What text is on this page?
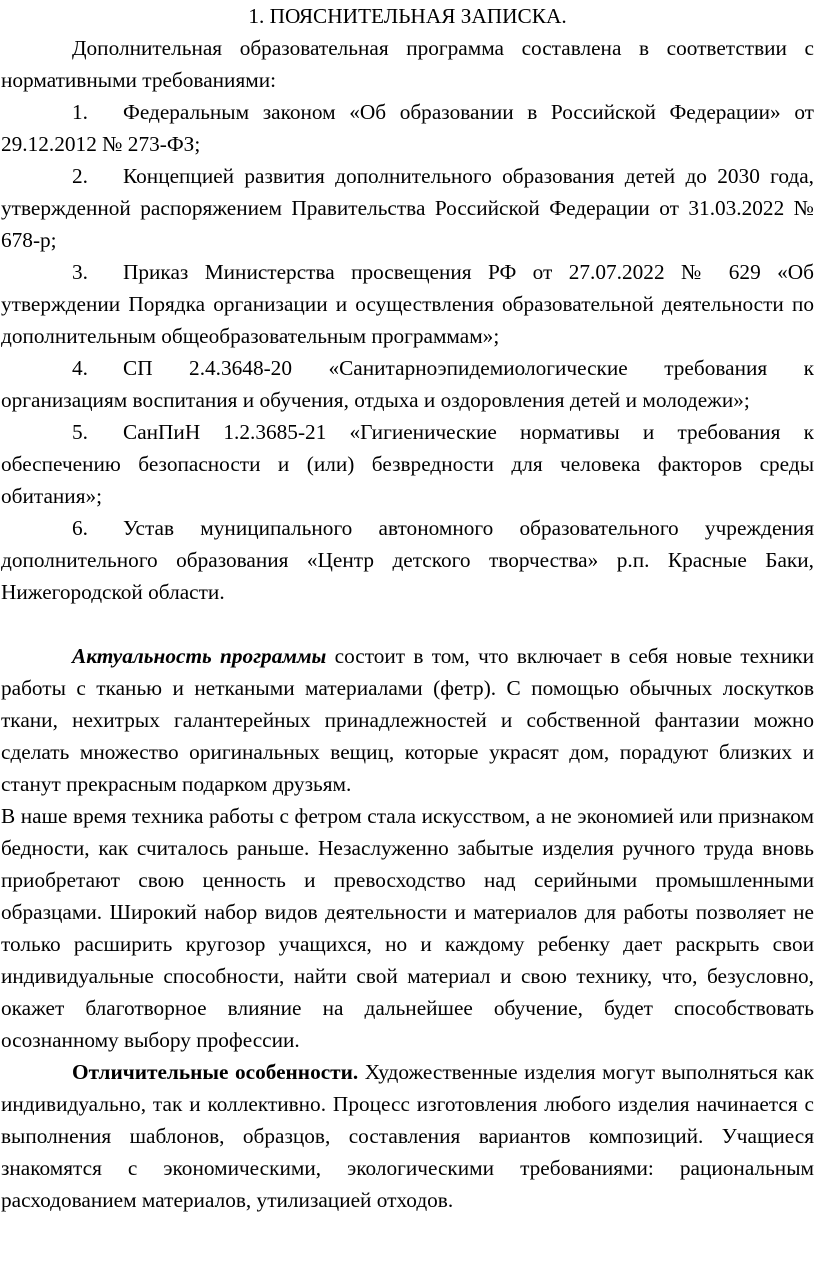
1. ПОЯСНИТЕЛЬНАЯ ЗАПИСКА.

Дополнительная образовательная программа составлена в соответствии с нормативными требованиями:

1. Федеральным законом «Об образовании в Российской Федерации» от 29.12.2012 № 273-ФЗ;

2. Концепцией развития дополнительного образования детей до 2030 года, утвержденной распоряжением Правительства Российской Федерации от 31.03.2022 № 678-р;

3. Приказ Министерства просвещения РФ от 27.07.2022 № 629 «Об утверждении Порядка организации и осуществления образовательной деятельности по дополнительным общеобразовательным программам»;

4. СП 2.4.3648-20 «Санитарноэпидемиологические требования к организациям воспитания и обучения, отдыха и оздоровления детей и молодежи»;

5. СанПиН 1.2.3685-21 «Гигиенические нормативы и требования к обеспечению безопасности и (или) безвредности для человека факторов среды обитания»;

6. Устав муниципального автономного образовательного учреждения дополнительного образования «Центр детского творчества» р.п. Красные Баки, Нижегородской области.

Актуальность программы состоит в том, что включает в себя новые техники работы с тканью и неткаными материалами (фетр). С помощью обычных лоскутков ткани, нехитрых галантерейных принадлежностей и собственной фантазии можно сделать множество оригинальных вещиц, которые украсят дом, порадуют близких и станут прекрасным подарком друзьям.

В наше время техника работы с фетром стала искусством, а не экономией или признаком бедности, как считалось раньше. Незаслуженно забытые изделия ручного труда вновь приобретают свою ценность и превосходство над серийными промышленными образцами. Широкий набор видов деятельности и материалов для работы позволяет не только расширить кругозор учащихся, но и каждому ребенку дает раскрыть свои индивидуальные способности, найти свой материал и свою технику, что, безусловно, окажет благотворное влияние на дальнейшее обучение, будет способствовать осознанному выбору профессии.

Отличительные особенности. Художественные изделия могут выполняться как индивидуально, так и коллективно. Процесс изготовления любого изделия начинается с выполнения шаблонов, образцов, составления вариантов композиций. Учащиеся знакомятся с экономическими, экологическими требованиями: рациональным расходованием материалов, утилизацией отходов.
